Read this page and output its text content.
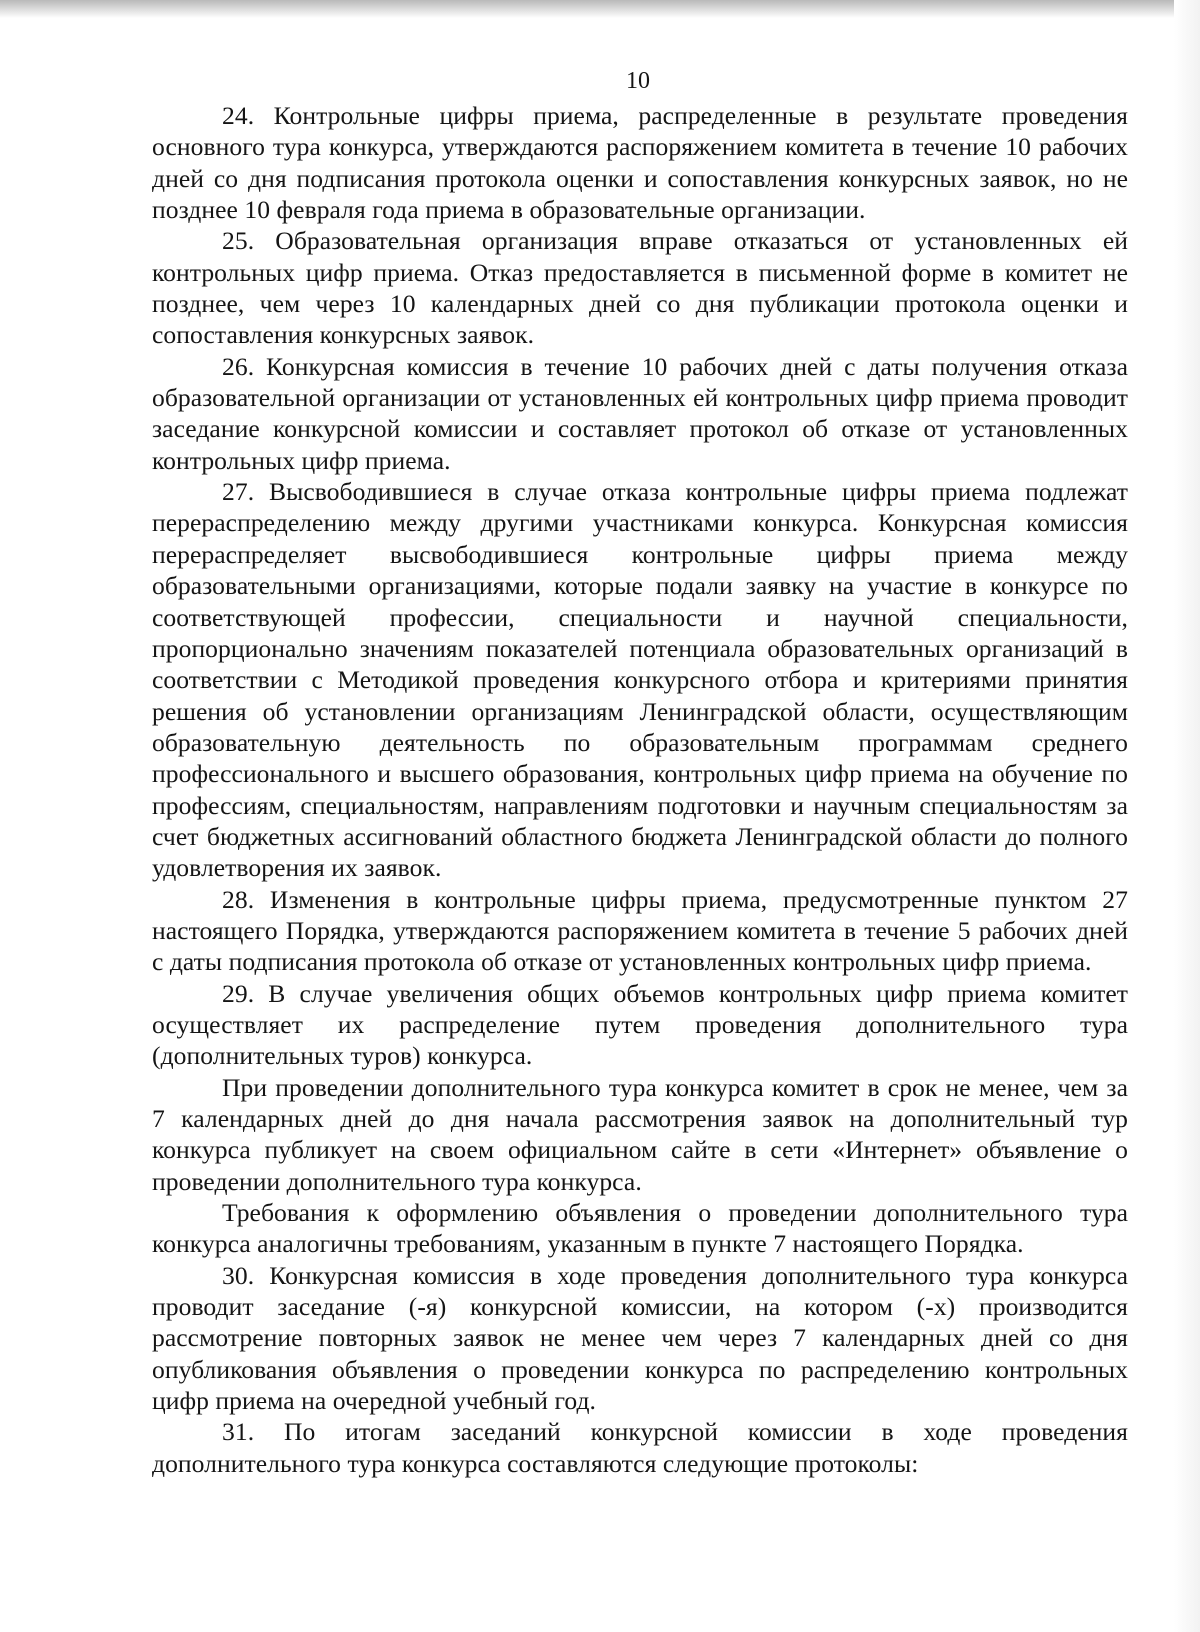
10

24. Контрольные цифры приема, распределенные в результате проведения основного тура конкурса, утверждаются распоряжением комитета в течение 10 рабочих дней со дня подписания протокола оценки и сопоставления конкурсных заявок, но не позднее 10 февраля года приема в образовательные организации.

25. Образовательная организация вправе отказаться от установленных ей контрольных цифр приема. Отказ предоставляется в письменной форме в комитет не позднее, чем через 10 календарных дней со дня публикации протокола оценки и сопоставления конкурсных заявок.

26. Конкурсная комиссия в течение 10 рабочих дней с даты получения отказа образовательной организации от установленных ей контрольных цифр приема проводит заседание конкурсной комиссии и составляет протокол об отказе от установленных контрольных цифр приема.

27. Высвободившиеся в случае отказа контрольные цифры приема подлежат перераспределению между другими участниками конкурса. Конкурсная комиссия перераспределяет высвободившиеся контрольные цифры приема между образовательными организациями, которые подали заявку на участие в конкурсе по соответствующей профессии, специальности и научной специальности, пропорционально значениям показателей потенциала образовательных организаций в соответствии с Методикой проведения конкурсного отбора и критериями принятия решения об установлении организациям Ленинградской области, осуществляющим образовательную деятельность по образовательным программам среднего профессионального и высшего образования, контрольных цифр приема на обучение по профессиям, специальностям, направлениям подготовки и научным специальностям за счет бюджетных ассигнований областного бюджета Ленинградской области до полного удовлетворения их заявок.

28. Изменения в контрольные цифры приема, предусмотренные пунктом 27 настоящего Порядка, утверждаются распоряжением комитета в течение 5 рабочих дней с даты подписания протокола об отказе от установленных контрольных цифр приема.

29. В случае увеличения общих объемов контрольных цифр приема комитет осуществляет их распределение путем проведения дополнительного тура (дополнительных туров) конкурса.

При проведении дополнительного тура конкурса комитет в срок не менее, чем за 7 календарных дней до дня начала рассмотрения заявок на дополнительный тур конкурса публикует на своем официальном сайте в сети «Интернет» объявление о проведении дополнительного тура конкурса.

Требования к оформлению объявления о проведении дополнительного тура конкурса аналогичны требованиям, указанным в пункте 7 настоящего Порядка.

30. Конкурсная комиссия в ходе проведения дополнительного тура конкурса проводит заседание (-я) конкурсной комиссии, на котором (-х) производится рассмотрение повторных заявок не менее чем через 7 календарных дней со дня опубликования объявления о проведении конкурса по распределению контрольных цифр приема на очередной учебный год.

31. По итогам заседаний конкурсной комиссии в ходе проведения дополнительного тура конкурса составляются следующие протоколы:
